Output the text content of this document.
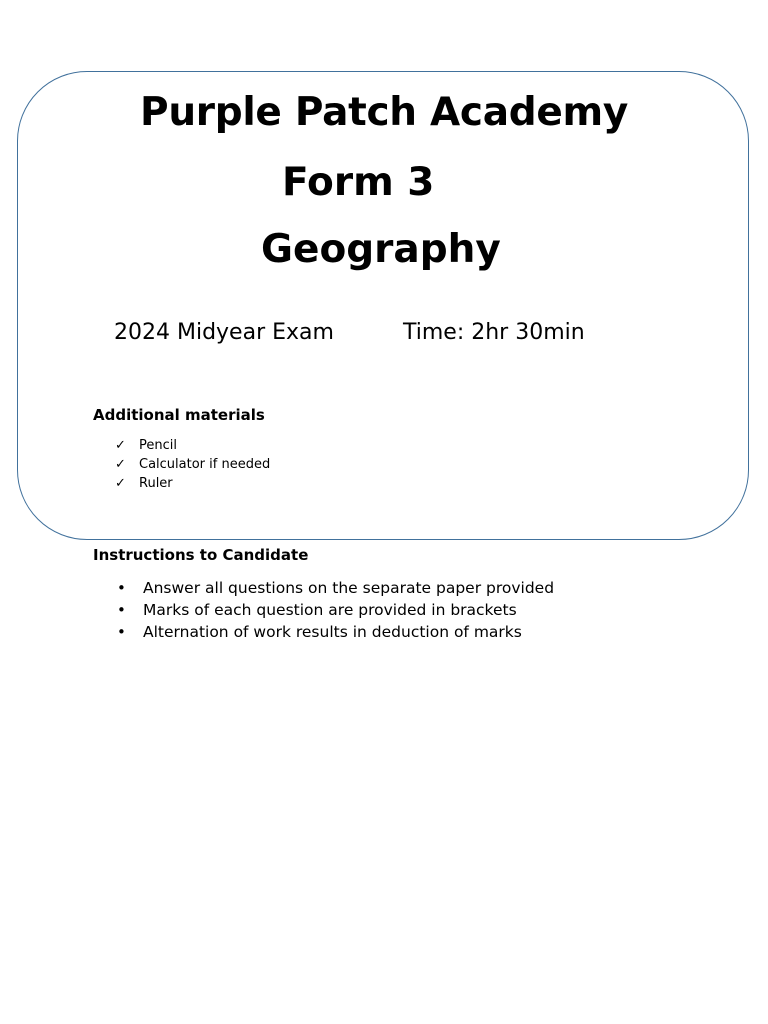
Purple Patch Academy
Form 3
Geography
2024 Midyear Exam	Time: 2hr 30min
Additional materials
✓ Pencil
✓ Calculator if needed
✓ Ruler
Instructions to Candidate
• Answer all questions on the separate paper provided
• Marks of each question are provided in brackets
• Alternation of work results in deduction of marks
